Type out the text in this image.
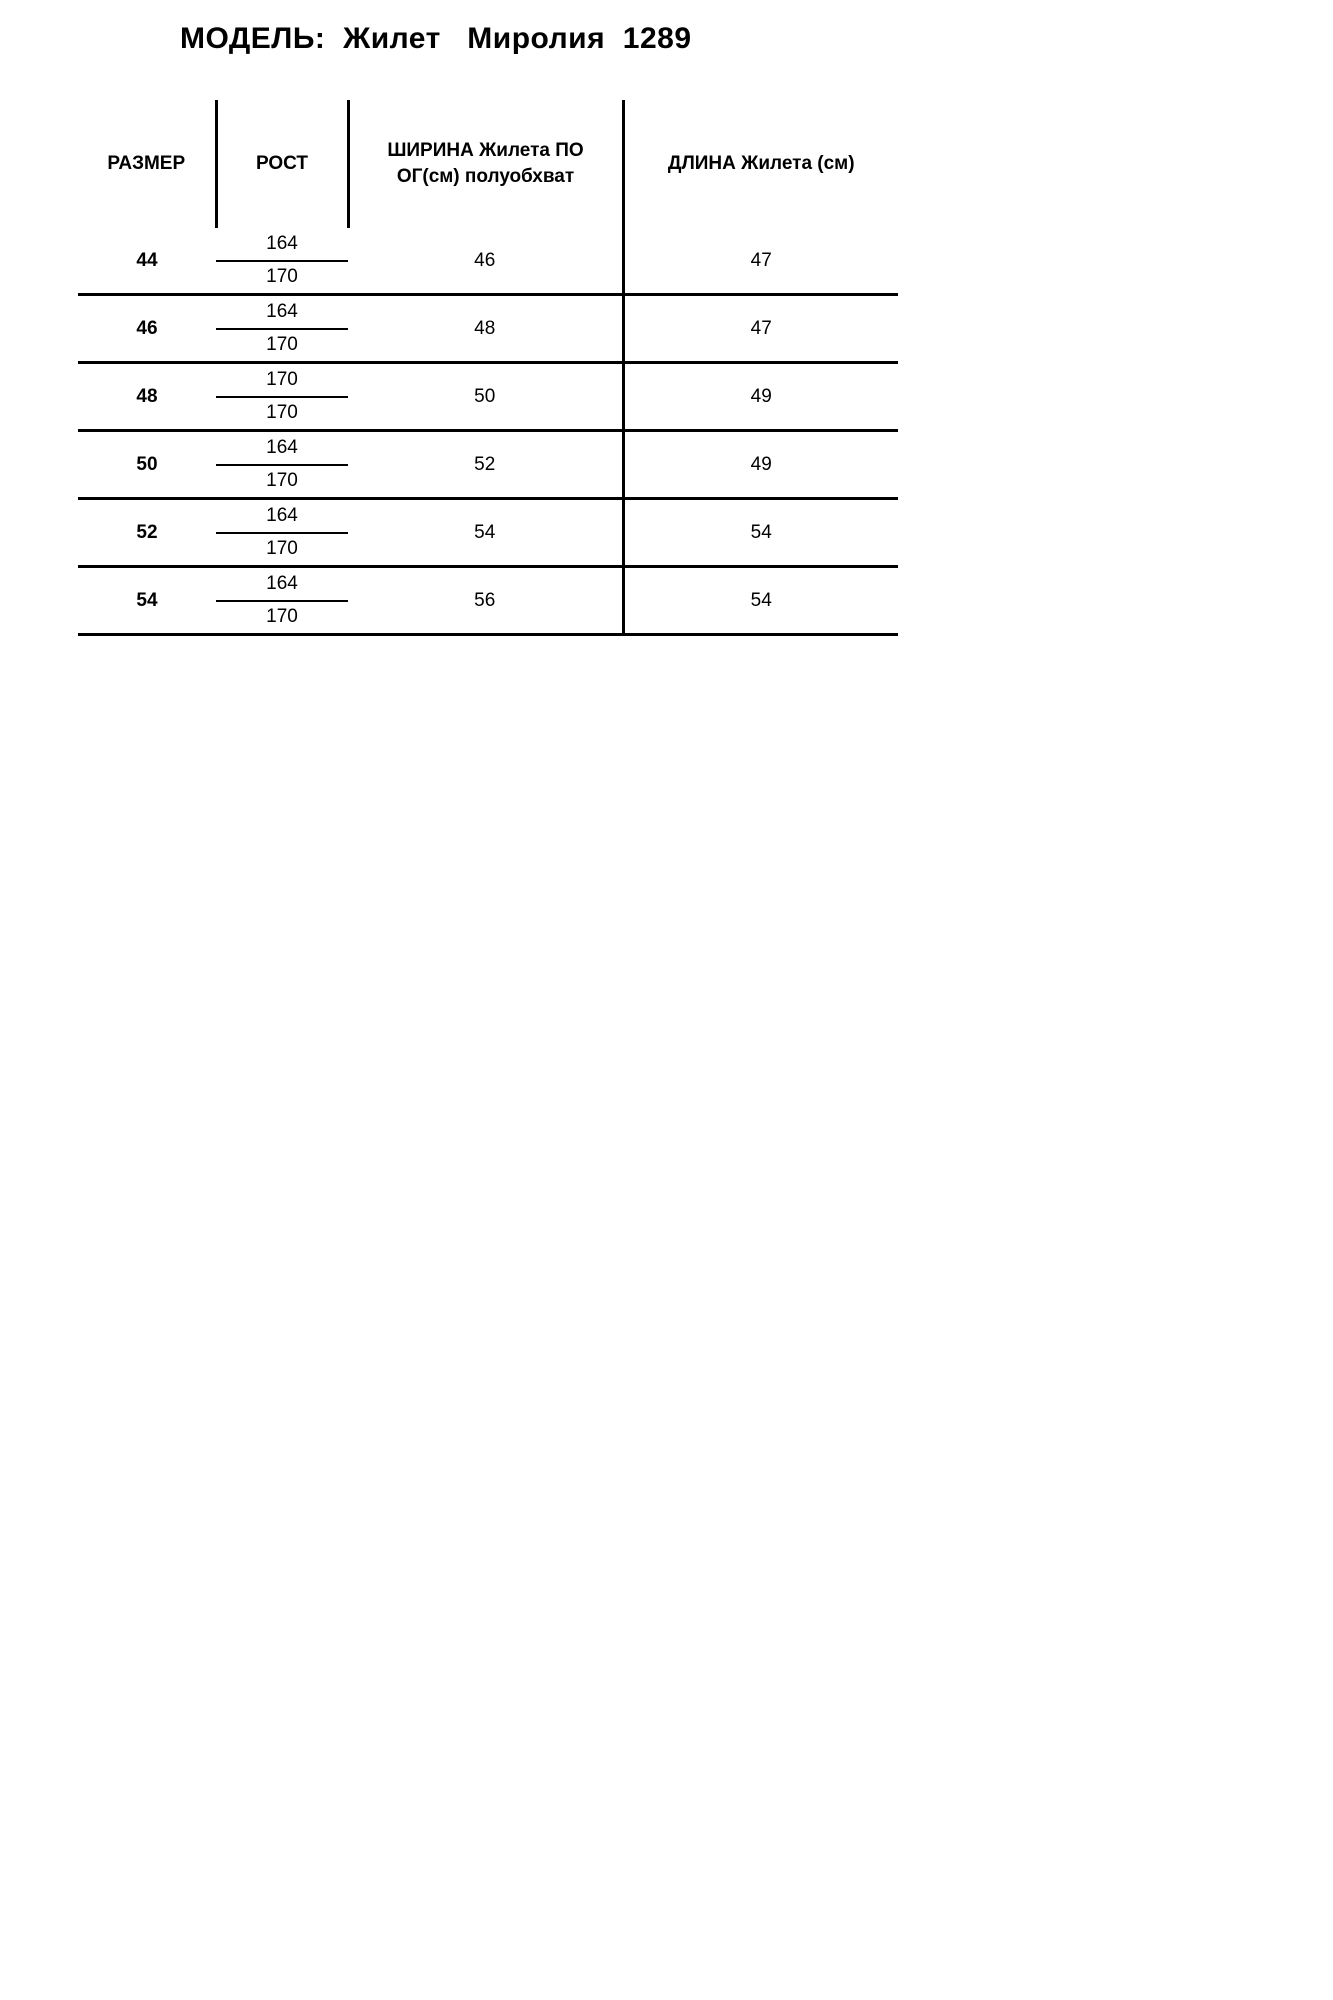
МОДЕЛЬ:  Жилет   Миролия  1289
РАЗМЕР	РОСТ	ШИРИНА Жилета ПО ОГ(см) полуобхват	ДЛИНА Жилета (см)

44	164	46	47
	170		
46	164	48	47
	170		
48	170	50	49
	170		
50	164	52	49
	170		
52	164	54	54
	170		
54	164	56	54
	170		
